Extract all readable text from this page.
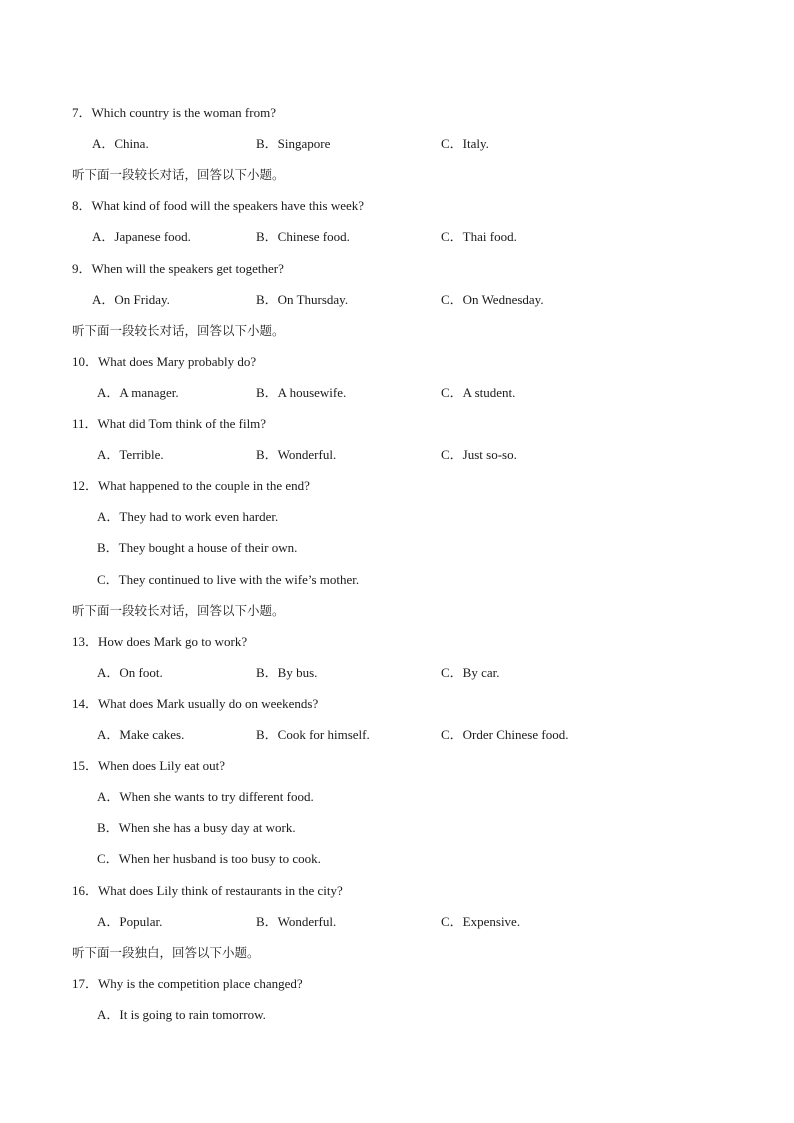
7．Which country is the woman from?
A．China.	B．Singapore	C．Italy.
听下面一段较长对话，回答以下小题。
8．What kind of food will the speakers have this week?
A．Japanese food.	B．Chinese food.	C．Thai food.
9．When will the speakers get together?
A．On Friday.	B．On Thursday.	C．On Wednesday.
听下面一段较长对话，回答以下小题。
10．What does Mary probably do?
A．A manager.	B．A housewife.	C．A student.
11．What did Tom think of the film?
A．Terrible.	B．Wonderful.	C．Just so-so.
12．What happened to the couple in the end?
A．They had to work even harder.
B．They bought a house of their own.
C．They continued to live with the wife’s mother.
听下面一段较长对话，回答以下小题。
13．How does Mark go to work?
A．On foot.	B．By bus.	C．By car.
14．What does Mark usually do on weekends?
A．Make cakes.	B．Cook for himself.	C．Order Chinese food.
15．When does Lily eat out?
A．When she wants to try different food.
B．When she has a busy day at work.
C．When her husband is too busy to cook.
16．What does Lily think of restaurants in the city?
A．Popular.	B．Wonderful.	C．Expensive.
听下面一段独白，回答以下小题。
17．Why is the competition place changed?
A．It is going to rain tomorrow.
